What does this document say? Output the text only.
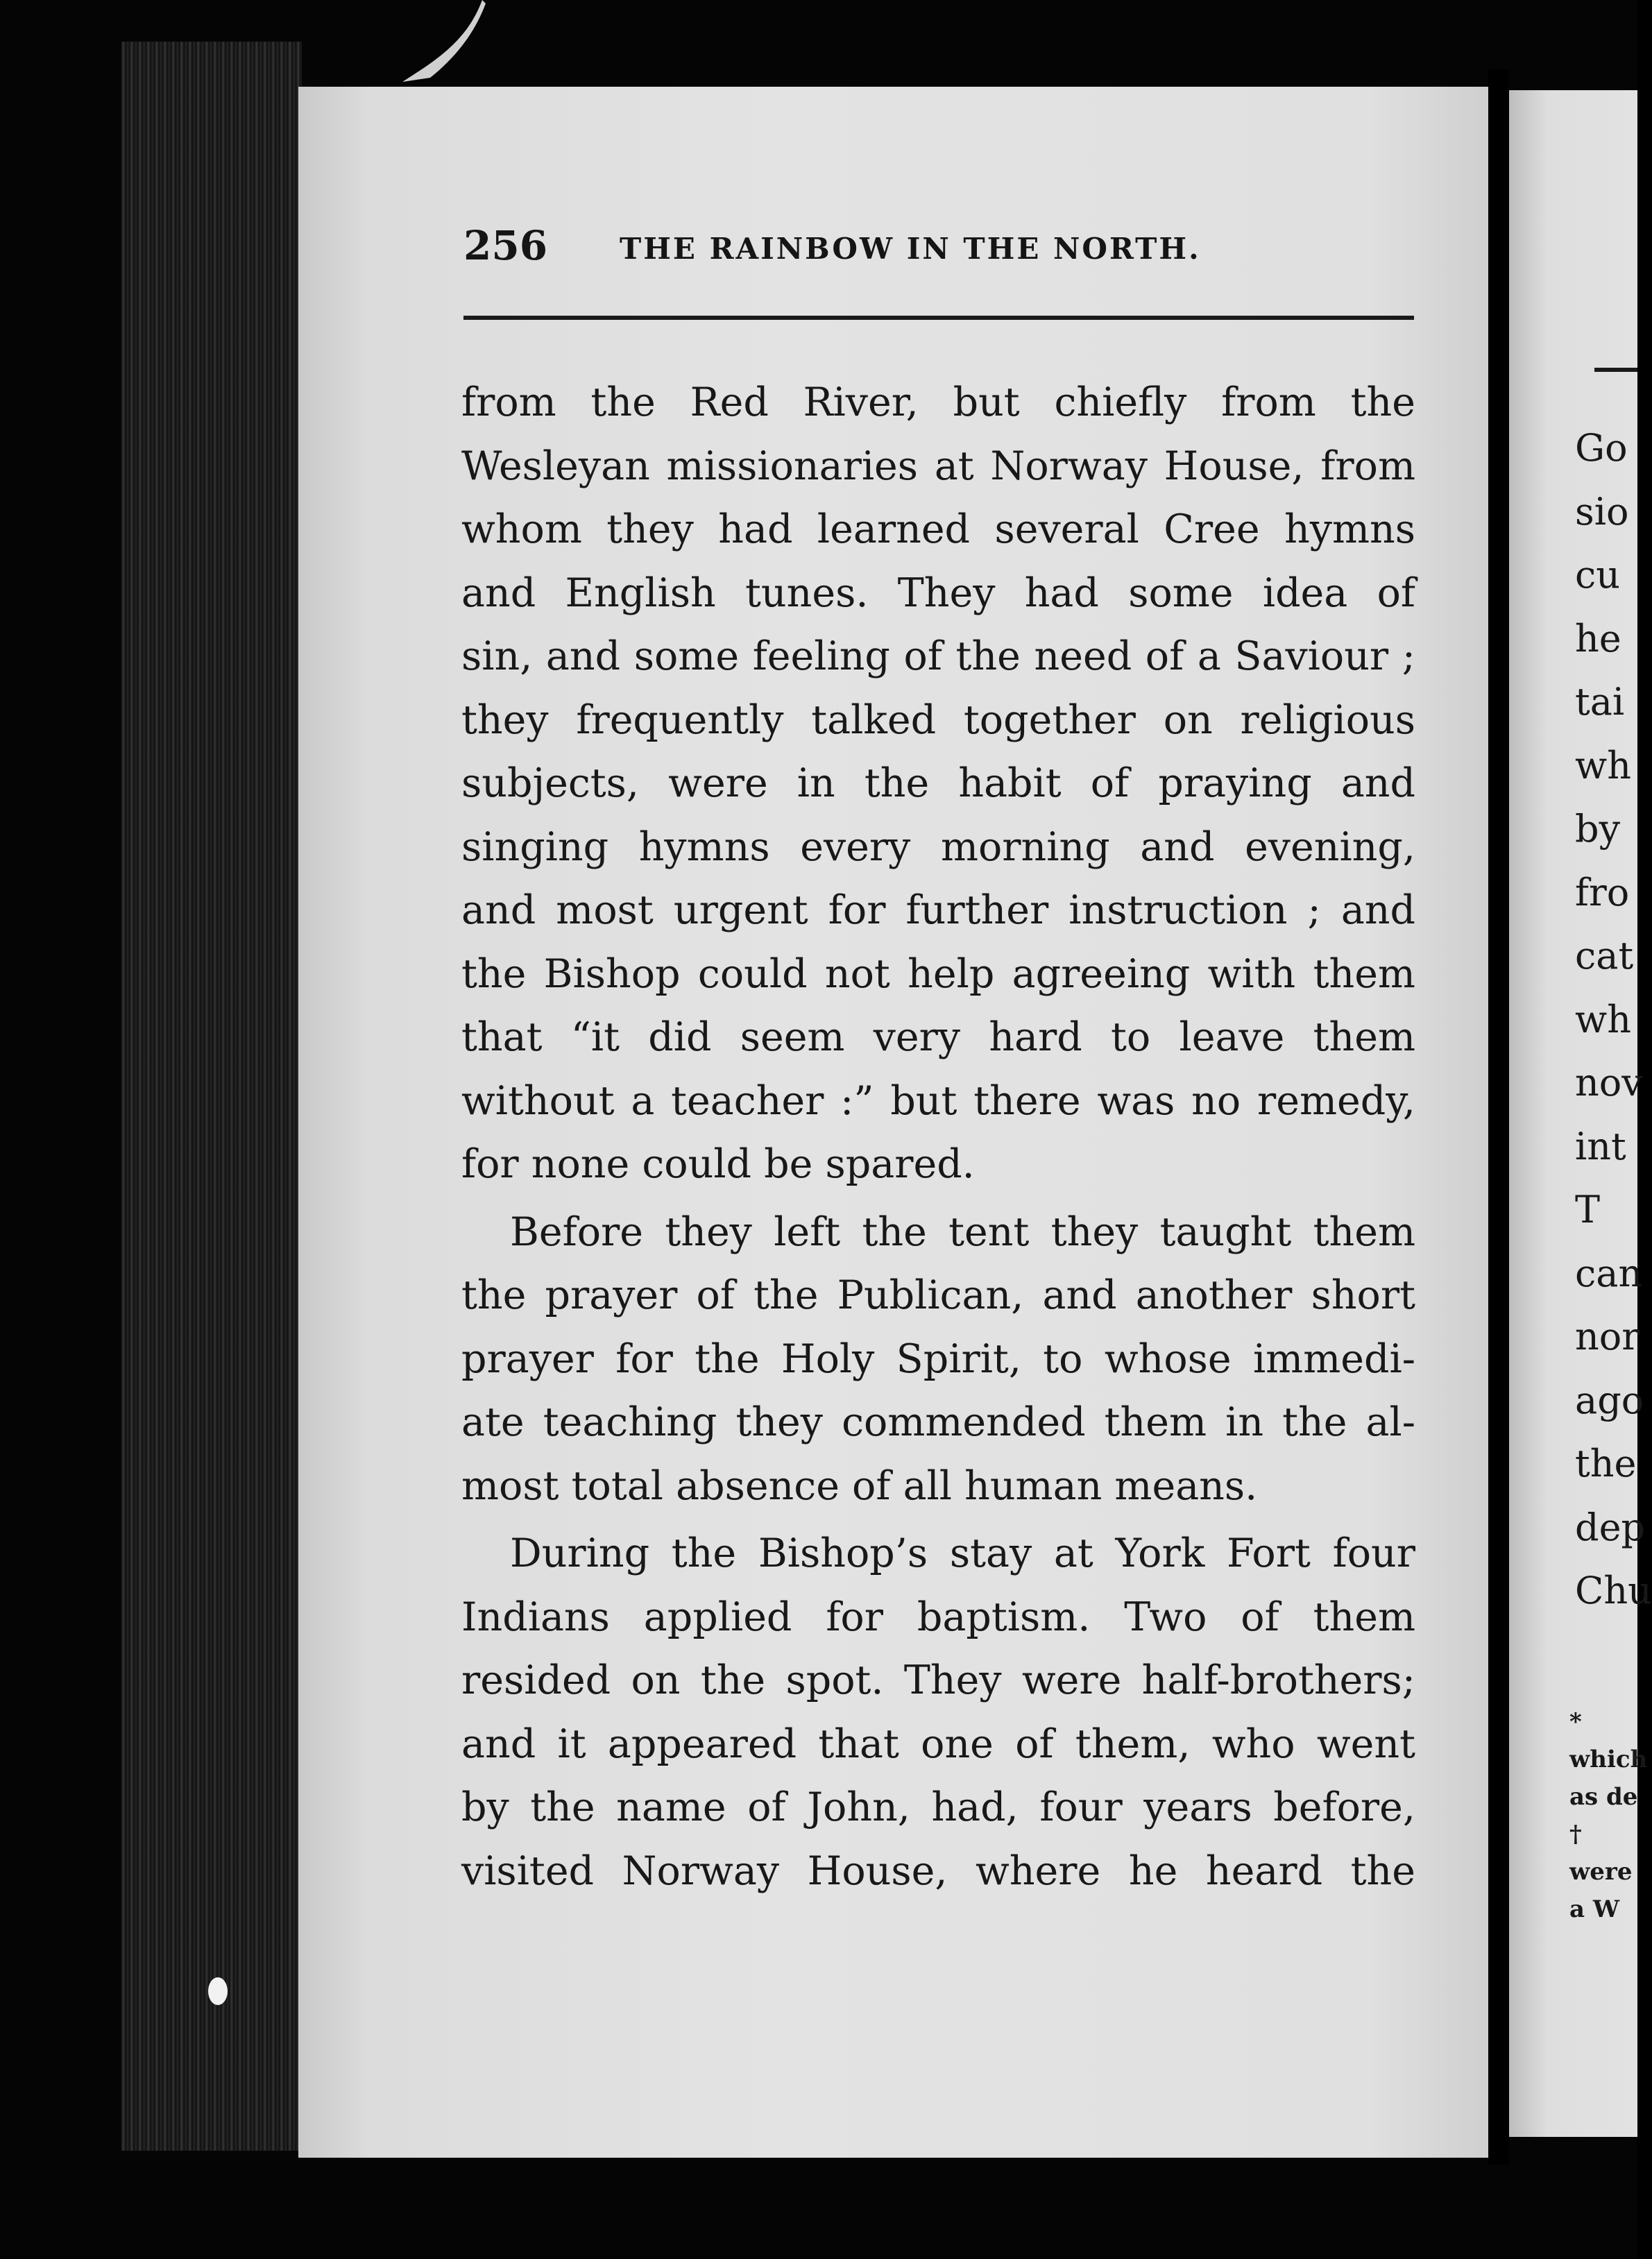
256 THE RAINBOW IN THE NORTH.
from the Red River, but chiefly from the
Wesleyan missionaries at Norway House, from
whom they had learned several Cree hymns
and English tunes. They had some idea of
sin, and some feeling of the need of a Saviour ;
they frequently talked together on religious
subjects, were in the habit of praying and
singing hymns every morning and evening,
and most urgent for further instruction ; and
the Bishop could not help agreeing with them
that “it did seem very hard to leave them
without a teacher :” but there was no remedy,
for none could be spared.
Before they left the tent they taught them
the prayer of the Publican, and another short
prayer for the Holy Spirit, to whose immedi-
ate teaching they commended them in the al-
most total absence of all human means.
During the Bishop’s stay at York Fort four
Indians applied for baptism. Two of them
resided on the spot. They were half-brothers;
and it appeared that one of them, who went
by the name of John, had, four years before,
visited Norway House, where he heard the
Go
sio
cu
he
tai
wh
by
fro
cat
wh
nov
int
T
can
nor
ago
the
dep
Chu
*
which
as de
†
were
a W
